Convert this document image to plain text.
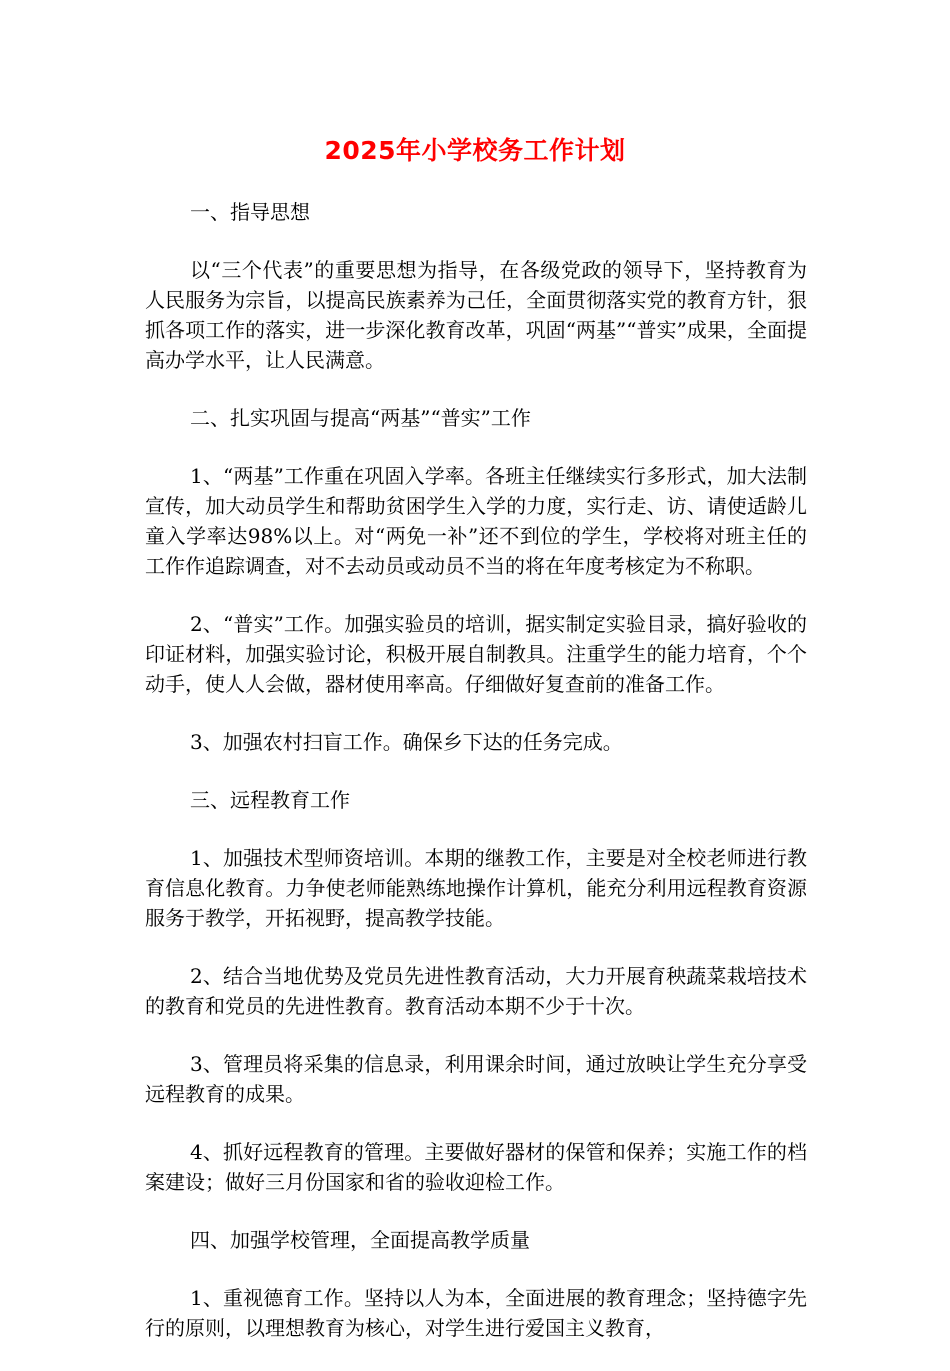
2025年小学校务工作计划
一、指导思想
以“三个代表”的重要思想为指导，在各级党政的领导下，坚持教育为人民服务为宗旨，以提高民族素养为己任，全面贯彻落实党的教育方针，狠抓各项工作的落实，进一步深化教育改革，巩固“两基”“普实”成果，全面提高办学水平，让人民满意。
二、扎实巩固与提高“两基”“普实”工作
1、“两基”工作重在巩固入学率。各班主任继续实行多形式，加大法制宣传，加大动员学生和帮助贫困学生入学的力度，实行走、访、请使适龄儿童入学率达98%以上。对“两免一补”还不到位的学生，学校将对班主任的工作作追踪调查，对不去动员或动员不当的将在年度考核定为不称职。
2、“普实”工作。加强实验员的培训，据实制定实验目录，搞好验收的印证材料，加强实验讨论，积极开展自制教具。注重学生的能力培育，个个动手，使人人会做，器材使用率高。仔细做好复查前的准备工作。
3、加强农村扫盲工作。确保乡下达的任务完成。
三、远程教育工作
1、加强技术型师资培训。本期的继教工作，主要是对全校老师进行教育信息化教育。力争使老师能熟练地操作计算机，能充分利用远程教育资源服务于教学，开拓视野，提高教学技能。
2、结合当地优势及党员先进性教育活动，大力开展育秧蔬菜栽培技术的教育和党员的先进性教育。教育活动本期不少于十次。
3、管理员将采集的信息录，利用课余时间，通过放映让学生充分享受远程教育的成果。
4、抓好远程教育的管理。主要做好器材的保管和保养；实施工作的档案建设；做好三月份国家和省的验收迎检工作。
四、加强学校管理，全面提高教学质量
1、重视德育工作。坚持以人为本，全面进展的教育理念；坚持德字先行的原则，以理想教育为核心，对学生进行爱国主义教育，
